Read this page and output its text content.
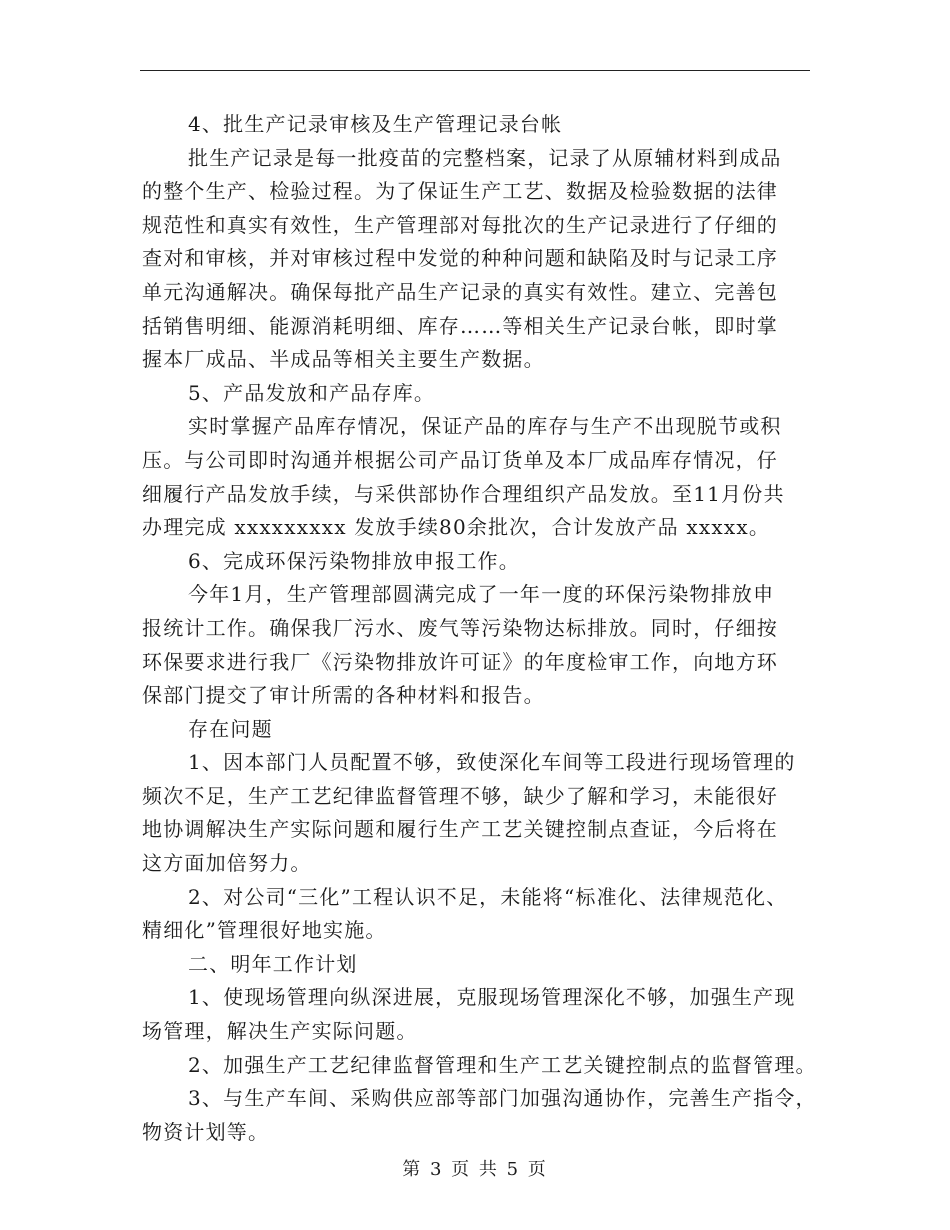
4、批生产记录审核及生产管理记录台帐
批生产记录是每一批疫苗的完整档案，记录了从原辅材料到成品
的整个生产、检验过程。为了保证生产工艺、数据及检验数据的法律
规范性和真实有效性，生产管理部对每批次的生产记录进行了仔细的
查对和审核，并对审核过程中发觉的种种问题和缺陷及时与记录工序
单元沟通解决。确保每批产品生产记录的真实有效性。建立、完善包
括销售明细、能源消耗明细、库存……等相关生产记录台帐，即时掌
握本厂成品、半成品等相关主要生产数据。
5、产品发放和产品存库。
实时掌握产品库存情况，保证产品的库存与生产不出现脱节或积
压。与公司即时沟通并根据公司产品订货单及本厂成品库存情况，仔
细履行产品发放手续，与采供部协作合理组织产品发放。至11月份共
办理完成 xxxxxxxxx 发放手续80余批次，合计发放产品 xxxxx。
6、完成环保污染物排放申报工作。
今年1月，生产管理部圆满完成了一年一度的环保污染物排放申
报统计工作。确保我厂污水、废气等污染物达标排放。同时，仔细按
环保要求进行我厂《污染物排放许可证》的年度检审工作，向地方环
保部门提交了审计所需的各种材料和报告。
存在问题
1、因本部门人员配置不够，致使深化车间等工段进行现场管理的
频次不足，生产工艺纪律监督管理不够，缺少了解和学习，未能很好
地协调解决生产实际问题和履行生产工艺关键控制点查证，今后将在
这方面加倍努力。
2、对公司“三化”工程认识不足，未能将“标准化、法律规范化、
精细化”管理很好地实施。
二、明年工作计划
1、使现场管理向纵深进展，克服现场管理深化不够，加强生产现
场管理，解决生产实际问题。
2、加强生产工艺纪律监督管理和生产工艺关键控制点的监督管理。
3、与生产车间、采购供应部等部门加强沟通协作，完善生产指令，
物资计划等。
第 3 页 共 5 页
